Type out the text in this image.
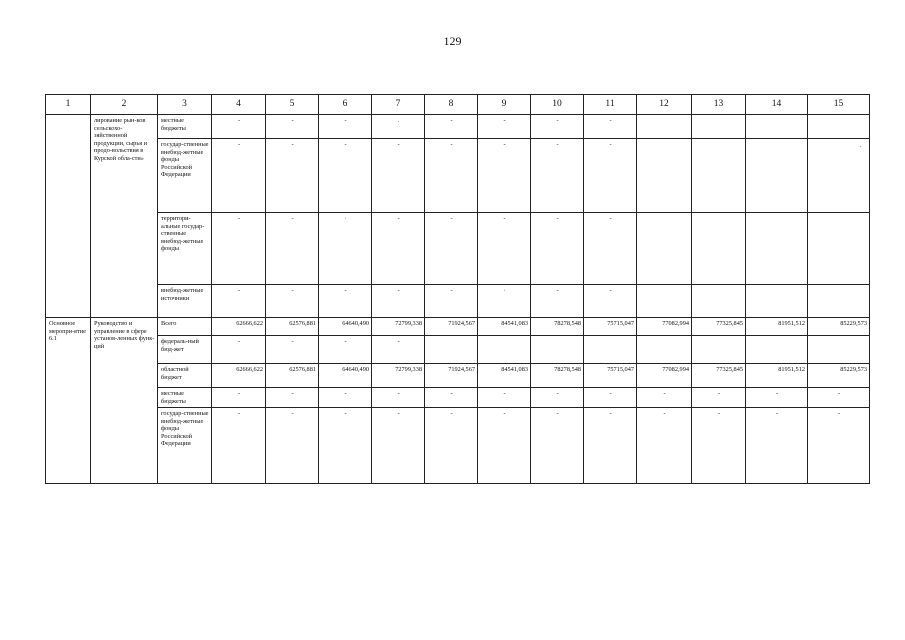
129
.
1	2	3	4	5	6	7	8	9	10	11	12	13	14	15
	лирование рын-ков сельскохо-зяйственной продукции, сырья и продо-вольствия в Курской обла-сти»	местные бюджеты	-	-	-	.	-	-	-	-				
		государ-ственные внебюд-жетные фонды Российской Федерации	-	-	-	-	-	-	-	-				
		территори-альные государ-ственные внебюд-жетные фонды	-	-	·	-	-	-	-	-				
		внебюд-жетные источники	-	-	-	-	-	·	-	-				
Основное меропри-ятие 6.1	Руководство и управление в сфере установ-ленных функ-ций	Всего	62666,622	62576,881	64640,490	72799,338	71924,567	84541,083	78278,548	75715,047	77082,994	77325,845	81951,512	85229,573
		федераль-ный бюд-жет	-	-	-	-								
		областной бюджет	62666,622	62576,881	64640,490	72799,338	71924,567	84541,083	78278,548	75715,047	77082,994	77325,845	81951,512	85229,573
		местные бюджеты	-	-	-	-	-	-	-	-	-	-	-	-
		государ-ственные внебюд-жетные фонды Российской Федерации	-	-	-	-	-	-	-	-	-	-	-	-
